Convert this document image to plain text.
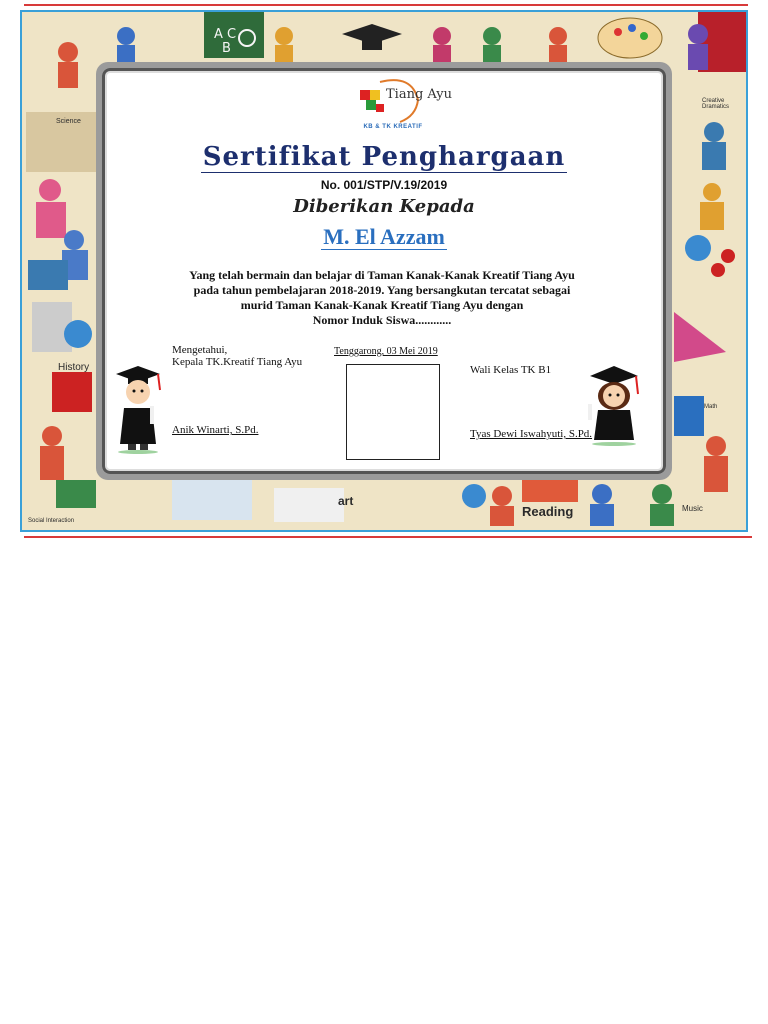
A C
B
Science
History
art
Reading	Music
Creative Dramatics
Math
Social Interaction
Tiang Ayu
KB & TK KREATIF
Sertifikat Penghargaan
No. 001/STP/V.19/2019
Diberikan Kepada
M. El Azzam
Yang telah bermain dan belajar di Taman Kanak-Kanak Kreatif Tiang Ayu
pada tahun pembelajaran 2018-2019. Yang bersangkutan tercatat sebagai
murid Taman Kanak-Kanak Kreatif Tiang Ayu dengan
Nomor Induk Siswa............
Mengetahui,
Kepala TK.Kreatif Tiang Ayu
Anik Winarti, S.Pd.
Tenggarong, 03 Mei 2019
Wali Kelas TK B1
Tyas Dewi Iswahyuti, S.Pd.
